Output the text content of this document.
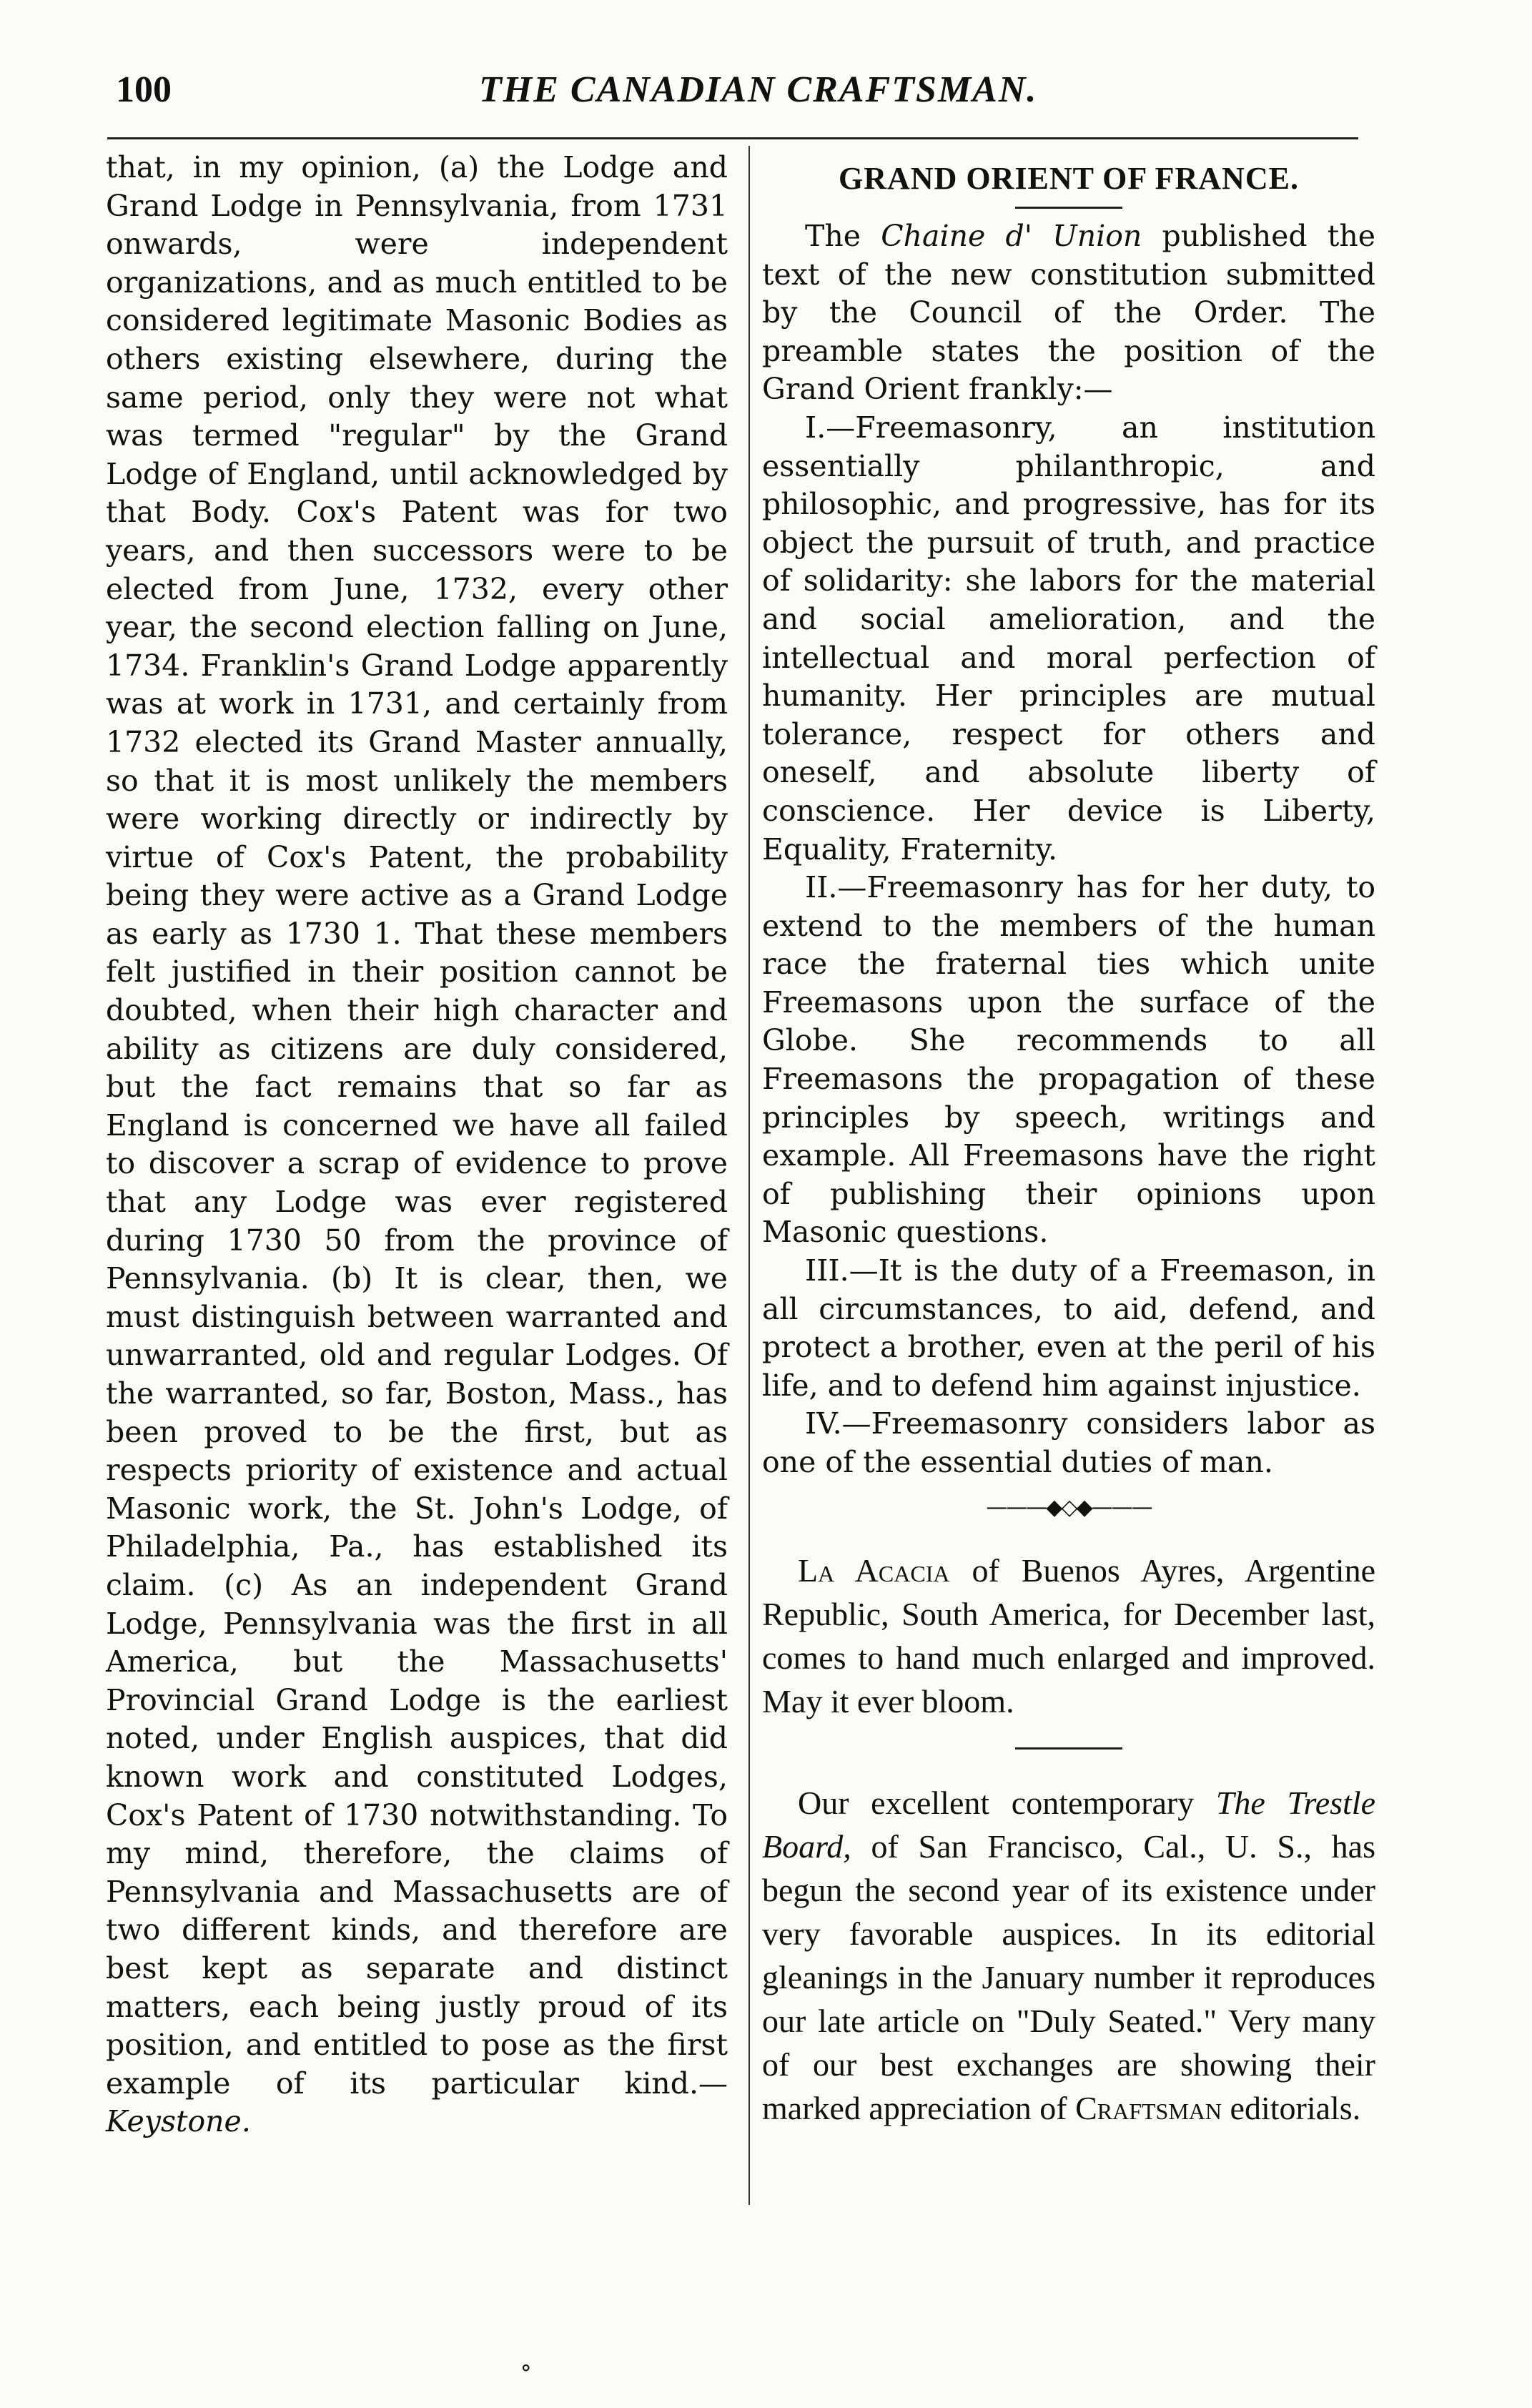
100	THE CANADIAN CRAFTSMAN.

that, in my opinion, (a) the Lodge and Grand Lodge in Pennsylvania, from 1731 onwards, were independent organizations, and as much entitled to be considered legitimate Masonic Bodies as others existing elsewhere, during the same period, only they were not what was termed "regular" by the Grand Lodge of England, until acknowledged by that Body. Cox's Patent was for two years, and then successors were to be elected from June, 1732, every other year, the second election falling on June, 1734. Franklin's Grand Lodge apparently was at work in 1731, and certainly from 1732 elected its Grand Master annually, so that it is most unlikely the members were working directly or indirectly by virtue of Cox's Patent, the probability being they were active as a Grand Lodge as early as 1730 1. That these members felt justified in their position cannot be doubted, when their high character and ability as citizens are duly considered, but the fact remains that so far as England is concerned we have all failed to discover a scrap of evidence to prove that any Lodge was ever registered during 1730 50 from the province of Pennsylvania. (b) It is clear, then, we must distinguish between warranted and unwarranted, old and regular Lodges. Of the warranted, so far, Boston, Mass., has been proved to be the first, but as respects priority of existence and actual Masonic work, the St. John's Lodge, of Philadelphia, Pa., has established its claim. (c) As an independent Grand Lodge, Pennsylvania was the first in all America, but the Massachusetts' Provincial Grand Lodge is the earliest noted, under English auspices, that did known work and constituted Lodges, Cox's Patent of 1730 notwithstanding. To my mind, therefore, the claims of Pennsylvania and Massachusetts are of two different kinds, and therefore are best kept as separate and distinct matters, each being justly proud of its position, and entitled to pose as the first example of its particular kind.—Keystone.

GRAND ORIENT OF FRANCE.

The Chaine d' Union published the text of the new constitution submitted by the Council of the Order. The preamble states the position of the Grand Orient frankly:—

I.—Freemasonry, an institution essentially philanthropic, and philosophic, and progressive, has for its object the pursuit of truth, and practice of solidarity: she labors for the material and social amelioration, and the intellectual and moral perfection of humanity. Her principles are mutual tolerance, respect for others and oneself, and absolute liberty of conscience. Her device is Liberty, Equality, Fraternity.

II.—Freemasonry has for her duty, to extend to the members of the human race the fraternal ties which unite Freemasons upon the surface of the Globe. She recommends to all Freemasons the propagation of these principles by speech, writings and example. All Freemasons have the right of publishing their opinions upon Masonic questions.

III.—It is the duty of a Freemason, in all circumstances, to aid, defend, and protect a brother, even at the peril of his life, and to defend him against injustice.

IV.—Freemasonry considers labor as one of the essential duties of man.

———◆◇◆———

La Acacia of Buenos Ayres, Argentine Republic, South America, for December last, comes to hand much enlarged and improved. May it ever bloom.

Our excellent contemporary The Trestle Board, of San Francisco, Cal., U. S., has begun the second year of its existence under very favorable auspices. In its editorial gleanings in the January number it reproduces our late article on "Duly Seated." Very many of our best exchanges are showing their marked appreciation of Craftsman editorials.

⚬
